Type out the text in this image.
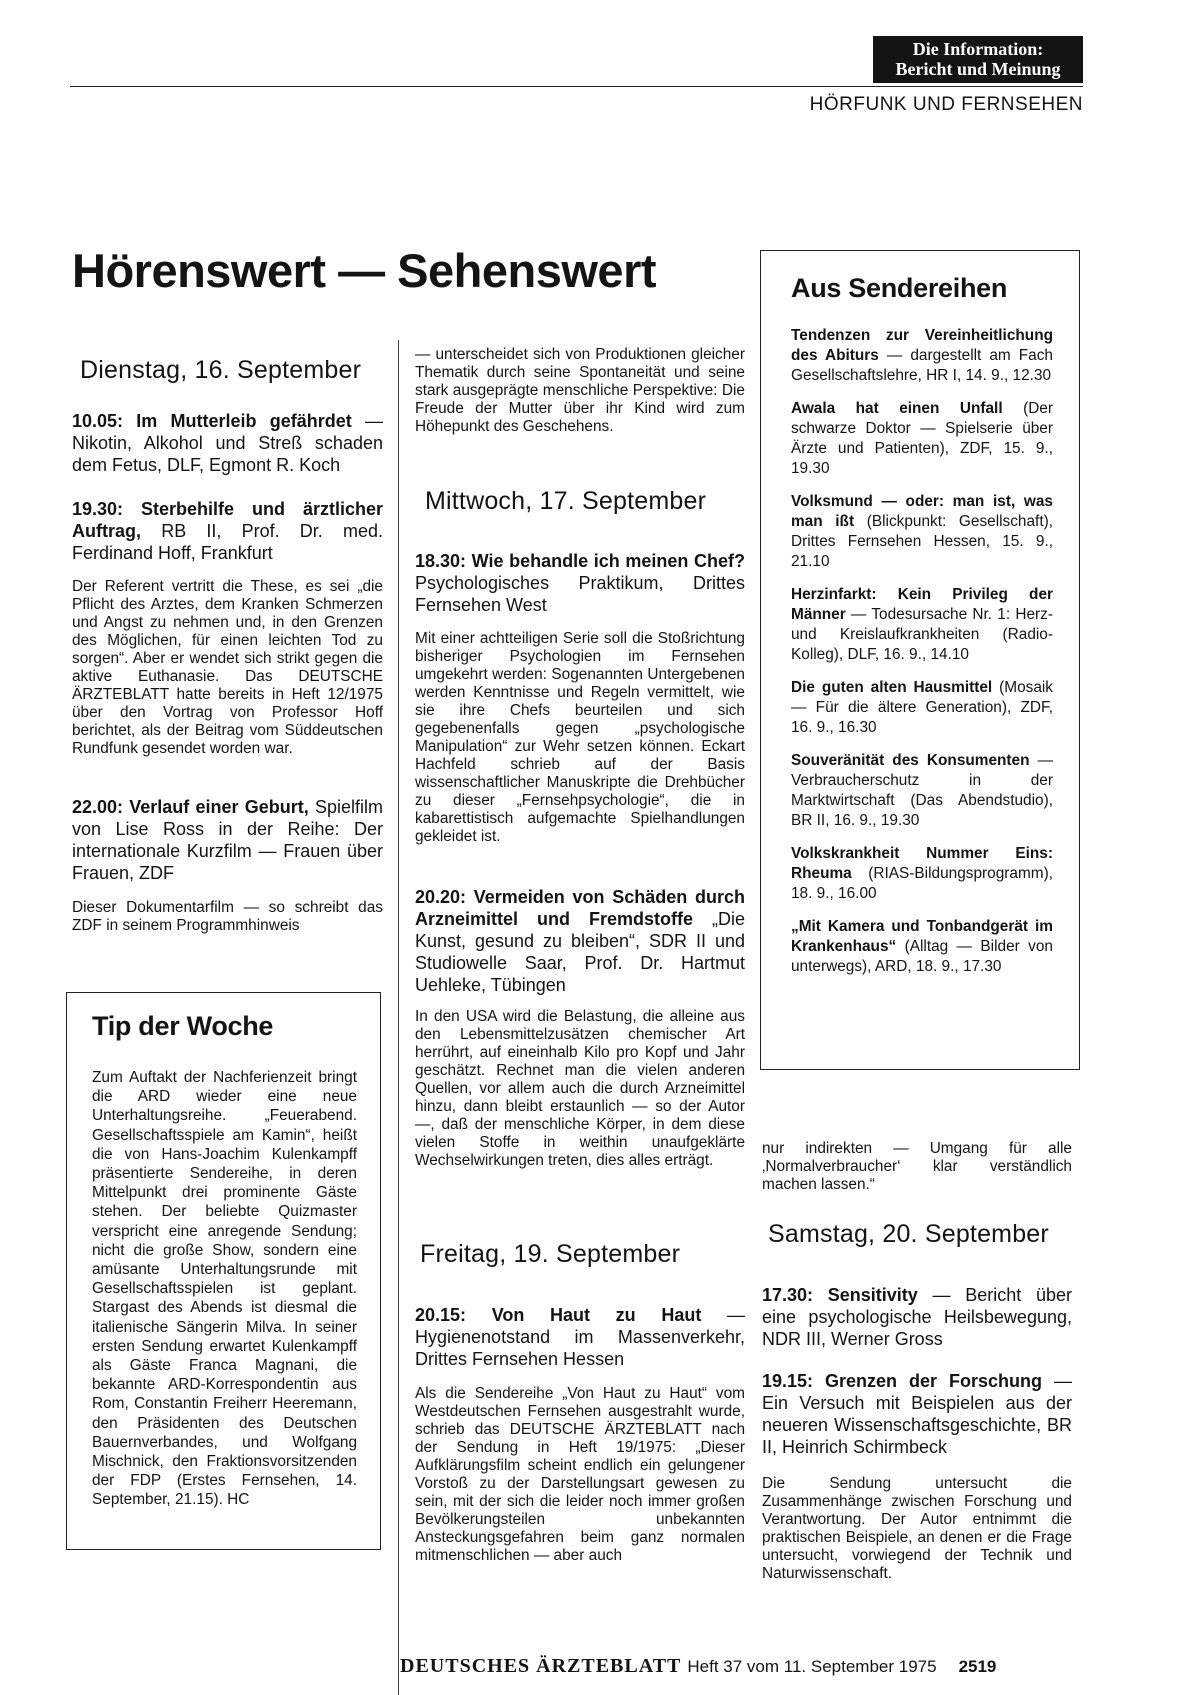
Die Information:
Bericht und Meinung
HÖRFUNK UND FERNSEHEN
Hörenswert — Sehenswert
Dienstag, 16. September
10.05: Im Mutterleib gefährdet — Nikotin, Alkohol und Streß schaden dem Fetus, DLF, Egmont R. Koch
19.30: Sterbehilfe und ärztlicher Auftrag, RB II, Prof. Dr. med. Ferdinand Hoff, Frankfurt
Der Referent vertritt die These, es sei „die Pflicht des Arztes, dem Kranken Schmerzen und Angst zu nehmen und, in den Grenzen des Möglichen, für einen leichten Tod zu sorgen“. Aber er wendet sich strikt gegen die aktive Euthanasie. Das DEUTSCHE ÄRZTEBLATT hatte bereits in Heft 12/1975 über den Vortrag von Professor Hoff berichtet, als der Beitrag vom Süddeutschen Rundfunk gesendet worden war.
22.00: Verlauf einer Geburt, Spielfilm von Lise Ross in der Reihe: Der internationale Kurzfilm — Frauen über Frauen, ZDF
Dieser Dokumentarfilm — so schreibt das ZDF in seinem Programmhinweis
Tip der Woche
Zum Auftakt der Nachferienzeit bringt die ARD wieder eine neue Unterhaltungsreihe. „Feuerabend. Gesellschaftsspiele am Kamin“, heißt die von Hans-Joachim Kulenkampff präsentierte Sendereihe, in deren Mittelpunkt drei prominente Gäste stehen. Der beliebte Quizmaster verspricht eine anregende Sendung; nicht die große Show, sondern eine amüsante Unterhaltungsrunde mit Gesellschaftsspielen ist geplant. Stargast des Abends ist diesmal die italienische Sängerin Milva. In seiner ersten Sendung erwartet Kulenkampff als Gäste Franca Magnani, die bekannte ARD-Korrespondentin aus Rom, Constantin Freiherr Heeremann, den Präsidenten des Deutschen Bauernverbandes, und Wolfgang Mischnick, den Fraktionsvorsitzenden der FDP (Erstes Fernsehen, 14. September, 21.15). HC
— unterscheidet sich von Produktionen gleicher Thematik durch seine Spontaneität und seine stark ausgeprägte menschliche Perspektive: Die Freude der Mutter über ihr Kind wird zum Höhepunkt des Geschehens.
Mittwoch, 17. September
18.30: Wie behandle ich meinen Chef? Psychologisches Praktikum, Drittes Fernsehen West
Mit einer achtteiligen Serie soll die Stoßrichtung bisheriger Psychologien im Fernsehen umgekehrt werden: Sogenannten Untergebenen werden Kenntnisse und Regeln vermittelt, wie sie ihre Chefs beurteilen und sich gegebenenfalls gegen „psychologische Manipulation“ zur Wehr setzen können. Eckart Hachfeld schrieb auf der Basis wissenschaftlicher Manuskripte die Drehbücher zu dieser „Fernsehpsychologie“, die in kabarettistisch aufgemachte Spielhandlungen gekleidet ist.
20.20: Vermeiden von Schäden durch Arzneimittel und Fremdstoffe „Die Kunst, gesund zu bleiben“, SDR II und Studiowelle Saar, Prof. Dr. Hartmut Uehleke, Tübingen
In den USA wird die Belastung, die alleine aus den Lebensmittelzusätzen chemischer Art herrührt, auf eineinhalb Kilo pro Kopf und Jahr geschätzt. Rechnet man die vielen anderen Quellen, vor allem auch die durch Arzneimittel hinzu, dann bleibt erstaunlich — so der Autor —, daß der menschliche Körper, in dem diese vielen Stoffe in weithin unaufgeklärte Wechselwirkungen treten, dies alles erträgt.
Freitag, 19. September
20.15: Von Haut zu Haut — Hygienenotstand im Massenverkehr, Drittes Fernsehen Hessen
Als die Sendereihe „Von Haut zu Haut“ vom Westdeutschen Fernsehen ausgestrahlt wurde, schrieb das DEUTSCHE ÄRZTEBLATT nach der Sendung in Heft 19/1975: „Dieser Aufklärungsfilm scheint endlich ein gelungener Vorstoß zu der Darstellungsart gewesen zu sein, mit der sich die leider noch immer großen Bevölkerungsteilen unbekannten Ansteckungsgefahren beim ganz normalen mitmenschlichen — aber auch
Aus Sendereihen
Tendenzen zur Vereinheitlichung des Abiturs — dargestellt am Fach Gesellschaftslehre, HR I, 14. 9., 12.30
Awala hat einen Unfall (Der schwarze Doktor — Spielserie über Ärzte und Patienten), ZDF, 15. 9., 19.30
Volksmund — oder: man ist, was man ißt (Blickpunkt: Gesellschaft), Drittes Fernsehen Hessen, 15. 9., 21.10
Herzinfarkt: Kein Privileg der Männer — Todesursache Nr. 1: Herz- und Kreislaufkrankheiten (Radio-Kolleg), DLF, 16. 9., 14.10
Die guten alten Hausmittel (Mosaik — Für die ältere Generation), ZDF, 16. 9., 16.30
Souveränität des Konsumenten — Verbraucherschutz in der Marktwirtschaft (Das Abendstudio), BR II, 16. 9., 19.30
Volkskrankheit Nummer Eins: Rheuma (RIAS-Bildungsprogramm), 18. 9., 16.00
„Mit Kamera und Tonbandgerät im Krankenhaus“ (Alltag — Bilder von unterwegs), ARD, 18. 9., 17.30
nur indirekten — Umgang für alle ‚Normalverbraucher‘ klar verständlich machen lassen.“
Samstag, 20. September
17.30: Sensitivity — Bericht über eine psychologische Heilsbewegung, NDR III, Werner Gross
19.15: Grenzen der Forschung — Ein Versuch mit Beispielen aus der neueren Wissenschaftsgeschichte, BR II, Heinrich Schirmbeck
Die Sendung untersucht die Zusammenhänge zwischen Forschung und Verantwortung. Der Autor entnimmt die praktischen Beispiele, an denen er die Frage untersucht, vorwiegend der Technik und Naturwissenschaft.
DEUTSCHES ÄRZTEBLATT Heft 37 vom 11. September 1975 2519
